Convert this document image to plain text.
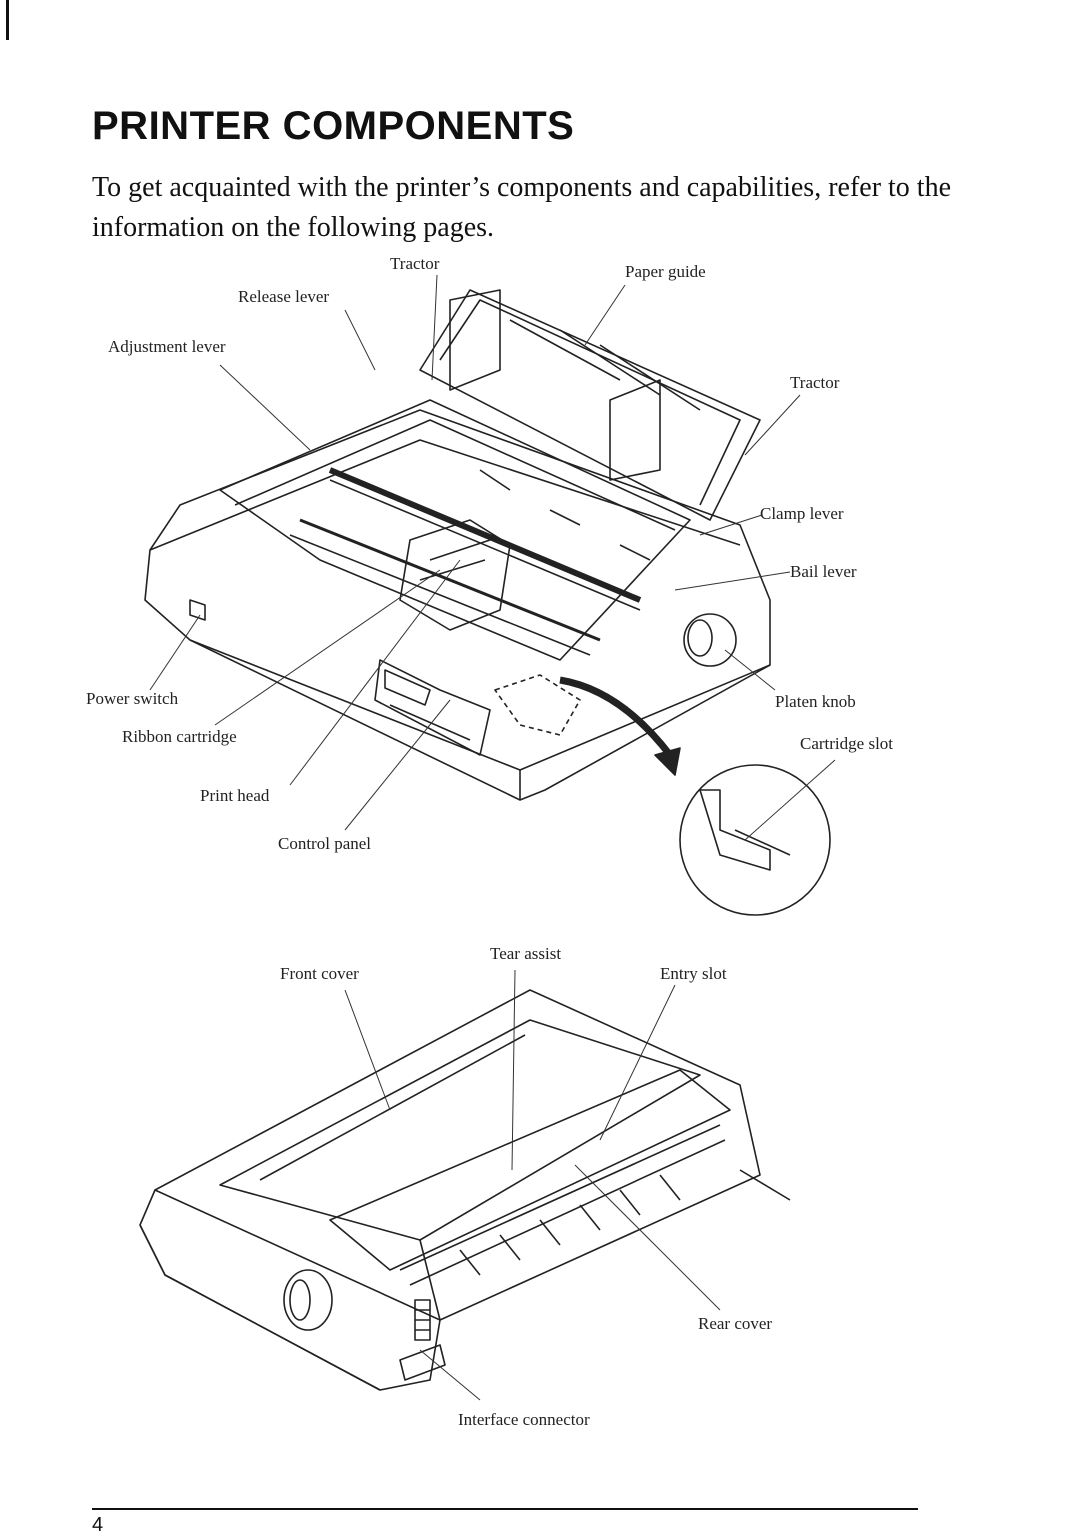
PRINTER COMPONENTS

To get acquainted with the printer’s components and capabilities, refer to the information on the following pages.

Tractor	Paper guide
Release lever
Adjustment lever
Tractor
Clamp lever
Bail lever
Power switch	Platen knob
Ribbon cartridge	Cartridge slot
Print head
Control panel
Tear assist
Front cover	Entry slot
Rear cover
Interface connector
4
